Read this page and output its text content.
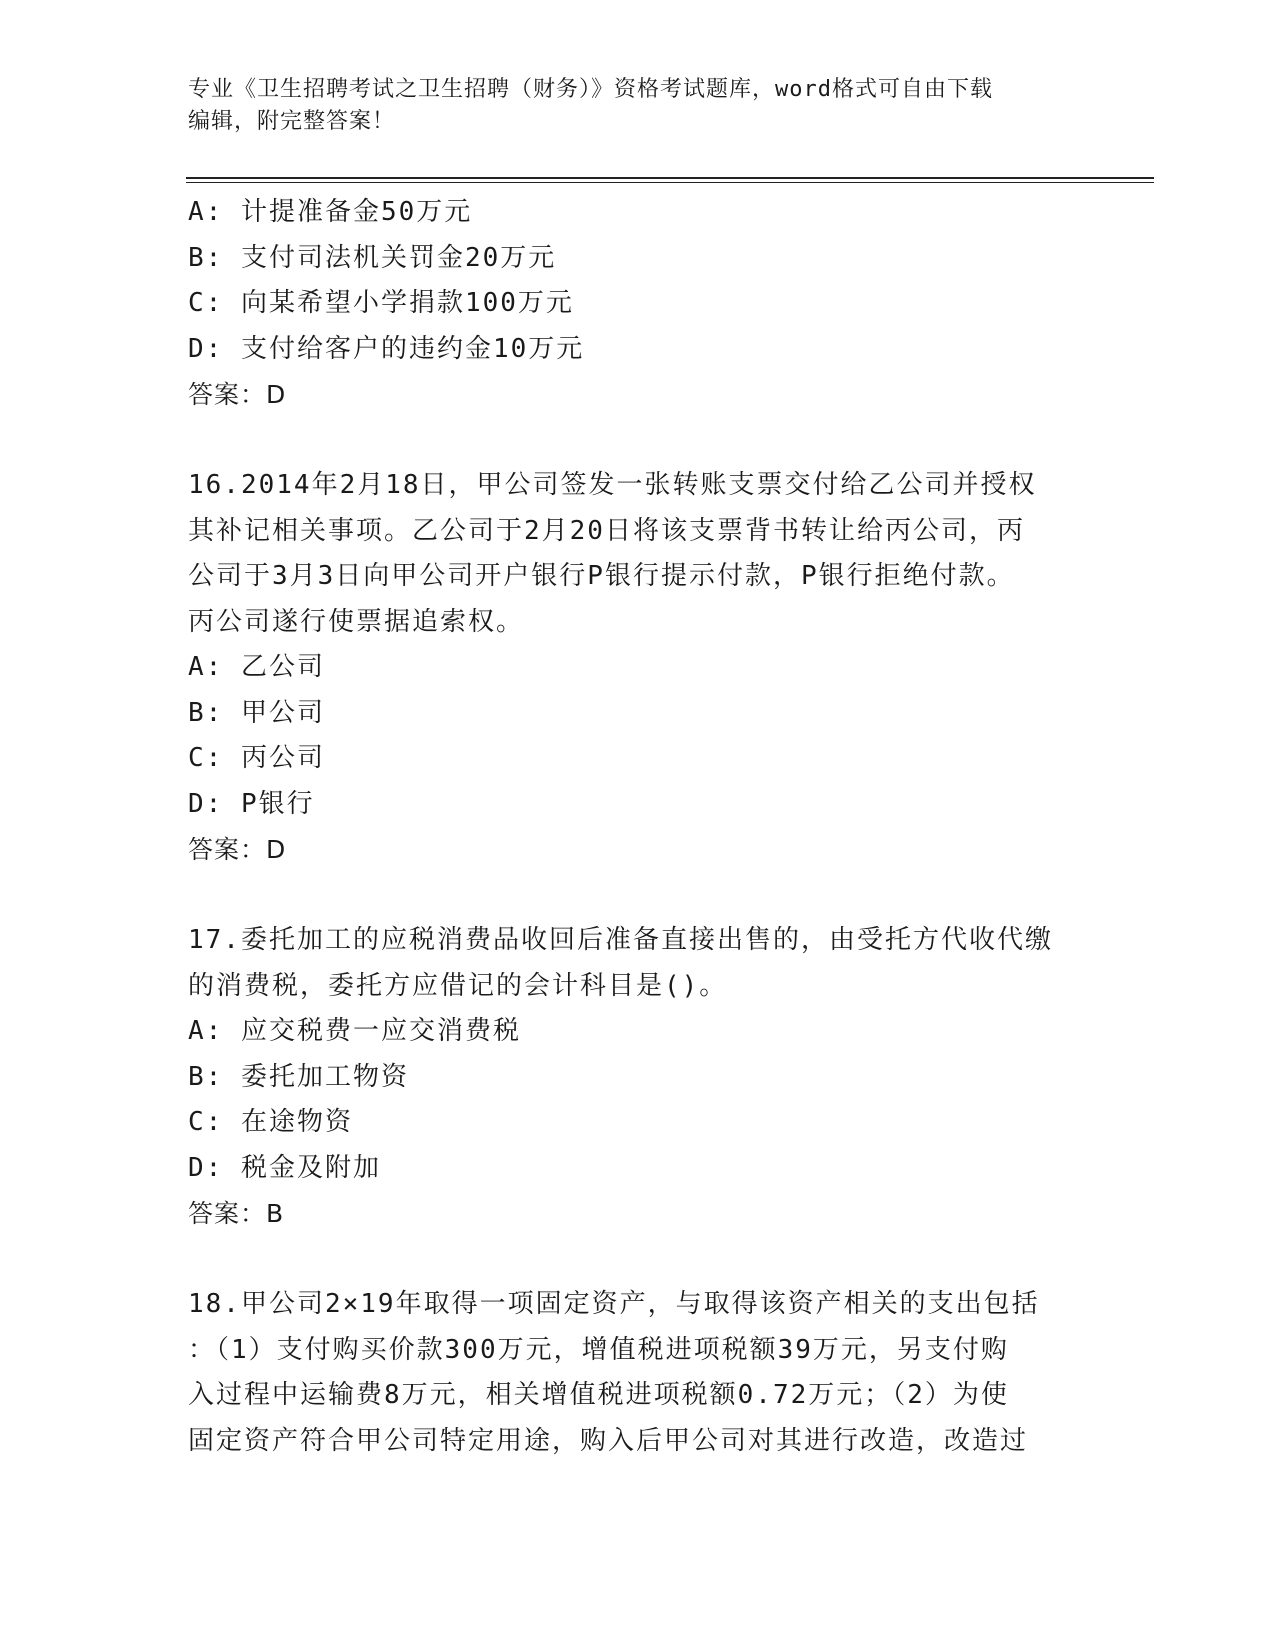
专业《卫生招聘考试之卫生招聘（财务）》资格考试题库，word格式可自由下载
编辑，附完整答案！
A: 计提准备金50万元
B: 支付司法机关罚金20万元
C: 向某希望小学捐款100万元
D: 支付给客户的违约金10万元
答案：D
16.2014年2月18日，甲公司签发一张转账支票交付给乙公司并授权
其补记相关事项。乙公司于2月20日将该支票背书转让给丙公司，丙
公司于3月3日向甲公司开户银行P银行提示付款，P银行拒绝付款。
丙公司遂行使票据追索权。
A: 乙公司
B: 甲公司
C: 丙公司
D: P银行
答案：D
17.委托加工的应税消费品收回后准备直接出售的，由受托方代收代缴
的消费税，委托方应借记的会计科目是()。
A: 应交税费一应交消费税
B: 委托加工物资
C: 在途物资
D: 税金及附加
答案：B
18.甲公司2×19年取得一项固定资产，与取得该资产相关的支出包括
：（1）支付购买价款300万元，增值税进项税额39万元，另支付购
入过程中运输费8万元，相关增值税进项税额0.72万元；（2）为使
固定资产符合甲公司特定用途，购入后甲公司对其进行改造，改造过
